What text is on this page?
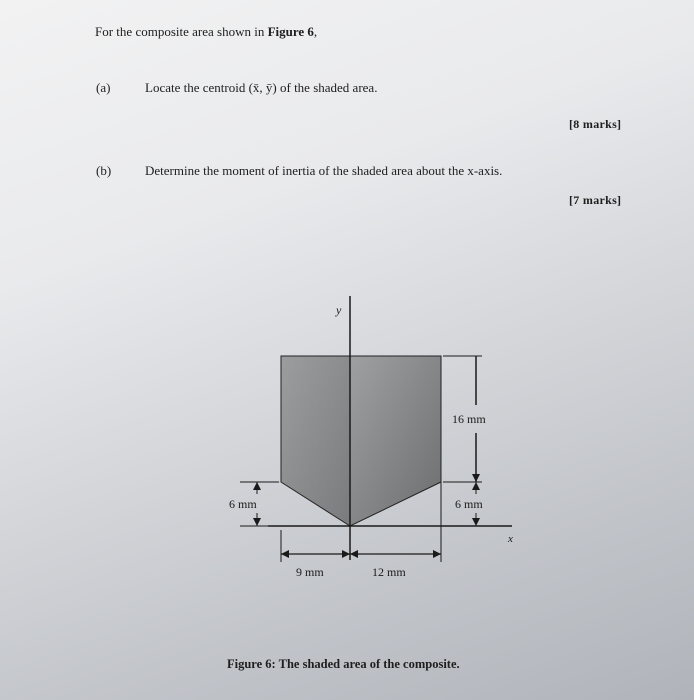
For the composite area shown in Figure 6,
(a)	Locate the centroid (x̄, ȳ) of the shaded area.
[8 marks]
(b)	Determine the moment of inertia of the shaded area about the x-axis.
[7 marks]
y
x
16 mm
6 mm	6 mm
9 mm	12 mm
Figure 6: The shaded area of the composite.
